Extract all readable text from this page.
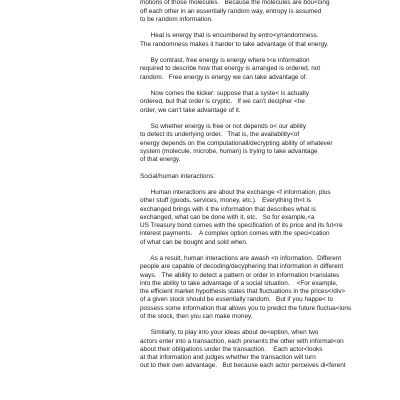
motions of those molecules.   Because the molecules are bou<cing
off each other in an essentially random way, entropy is assumed
to be random information.
Heat is energy that is encumbered by entro<y/randomness.
The randomness makes it harder to take advantage of that energy.
By contrast, free energy is energy where t<e information
required to describe how that energy is arranged is ordered, not
random.   Free energy is energy we can take advantage of.
Now comes the kicker: suppose that a syste< is actually
ordered, but that order is cryptic.   If we can't decipher <he
order, we can't take advantage of it.
So whether energy is free or not depends o< our ability
to detect its underlying order.   That is, the availability<of
energy depends on the computationall/decrypting ability of whatever
system (molecule, microbe, human) is trying to take advantage
of that energy.
Social/human interactions:
Human interactions are about the exchange <f information, plus
other stuff (goods, services, money, etc.).   Everything th<t is
exchanged brings with it the information that describes what is
exchanged, what can be done with it, etc.   So for example,<a
US Treasury bond comes with the specification of its price and its fut<re
interest payments.    A complex option comes with the speci<cation
of what can be bought and sold when.
As a result, human interactions are awash <n information.  Different
people are capable of decoding/decyphering that information in different
ways.   The ability to detect a pattern or order in information t<anslates
into the ability to take advantage of a social situation.    <For example,
the efficient market hypothesis states that fluctuations in the prices</div>
of a given stock should be essentially random.   But if you happe< to
possess some information that allows you to predict the future fluctua<ions
of the stock, then you can make money.
Similarly, to play into your ideas about de<eption, when two
actors enter into a transaction, each presents the other with informat<on
about their obligations under the transaction.    Each actor<looks
at that information and judges whether the transaction will turn
out to their own advantage.   But because each actor perceives di<ferent
